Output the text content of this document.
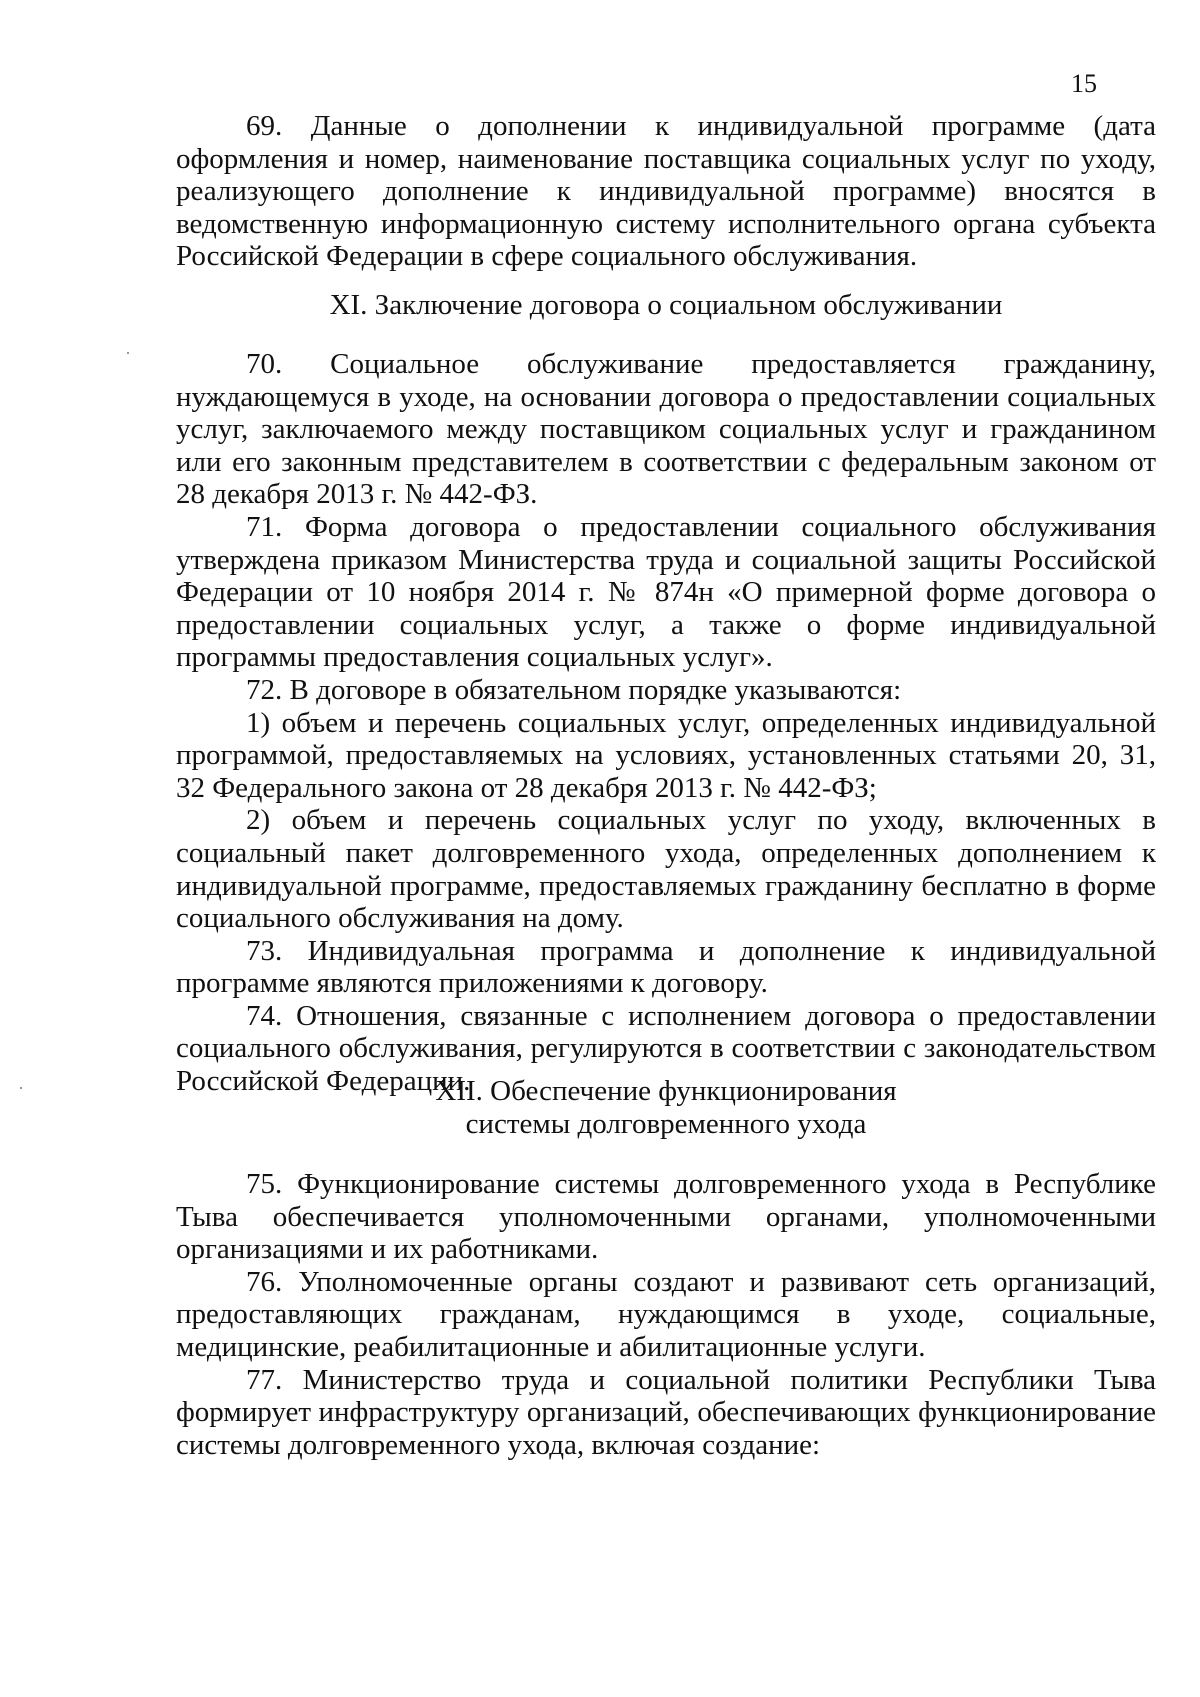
15

69. Данные о дополнении к индивидуальной программе (дата оформления и номер, наименование поставщика социальных услуг по уходу, реализующего дополнение к индивидуальной программе) вносятся в ведомственную информационную систему исполнительного органа субъекта Российской Федерации в сфере социального обслуживания.

XI. Заключение договора о социальном обслуживании

70. Социальное обслуживание предоставляется гражданину, нуждающемуся в уходе, на основании договора о предоставлении социальных услуг, заключаемого между поставщиком социальных услуг и гражданином или его законным представителем в соответствии с федеральным законом от 28 декабря 2013 г. № 442-ФЗ.

71. Форма договора о предоставлении социального обслуживания утверждена приказом Министерства труда и социальной защиты Российской Федерации от 10 ноября 2014 г. № 874н «О примерной форме договора о предоставлении социальных услуг, а также о форме индивидуальной программы предоставления социальных услуг».

72. В договоре в обязательном порядке указываются:

1) объем и перечень социальных услуг, определенных индивидуальной программой, предоставляемых на условиях, установленных статьями 20, 31, 32 Федерального закона от 28 декабря 2013 г. № 442-ФЗ;

2) объем и перечень социальных услуг по уходу, включенных в социальный пакет долговременного ухода, определенных дополнением к индивидуальной программе, предоставляемых гражданину бесплатно в форме социального обслуживания на дому.

73. Индивидуальная программа и дополнение к индивидуальной программе являются приложениями к договору.

74. Отношения, связанные с исполнением договора о предоставлении социального обслуживания, регулируются в соответствии с законодательством Российской Федерации.

XII. Обеспечение функционирования
системы долговременного ухода

75. Функционирование системы долговременного ухода в Республике Тыва обеспечивается уполномоченными органами, уполномоченными организациями и их работниками.

76. Уполномоченные органы создают и развивают сеть организаций, предоставляющих гражданам, нуждающимся в уходе, социальные, медицинские, реабилитационные и абилитационные услуги.

77. Министерство труда и социальной политики Республики Тыва формирует инфраструктуру организаций, обеспечивающих функционирование системы долговременного ухода, включая создание:
